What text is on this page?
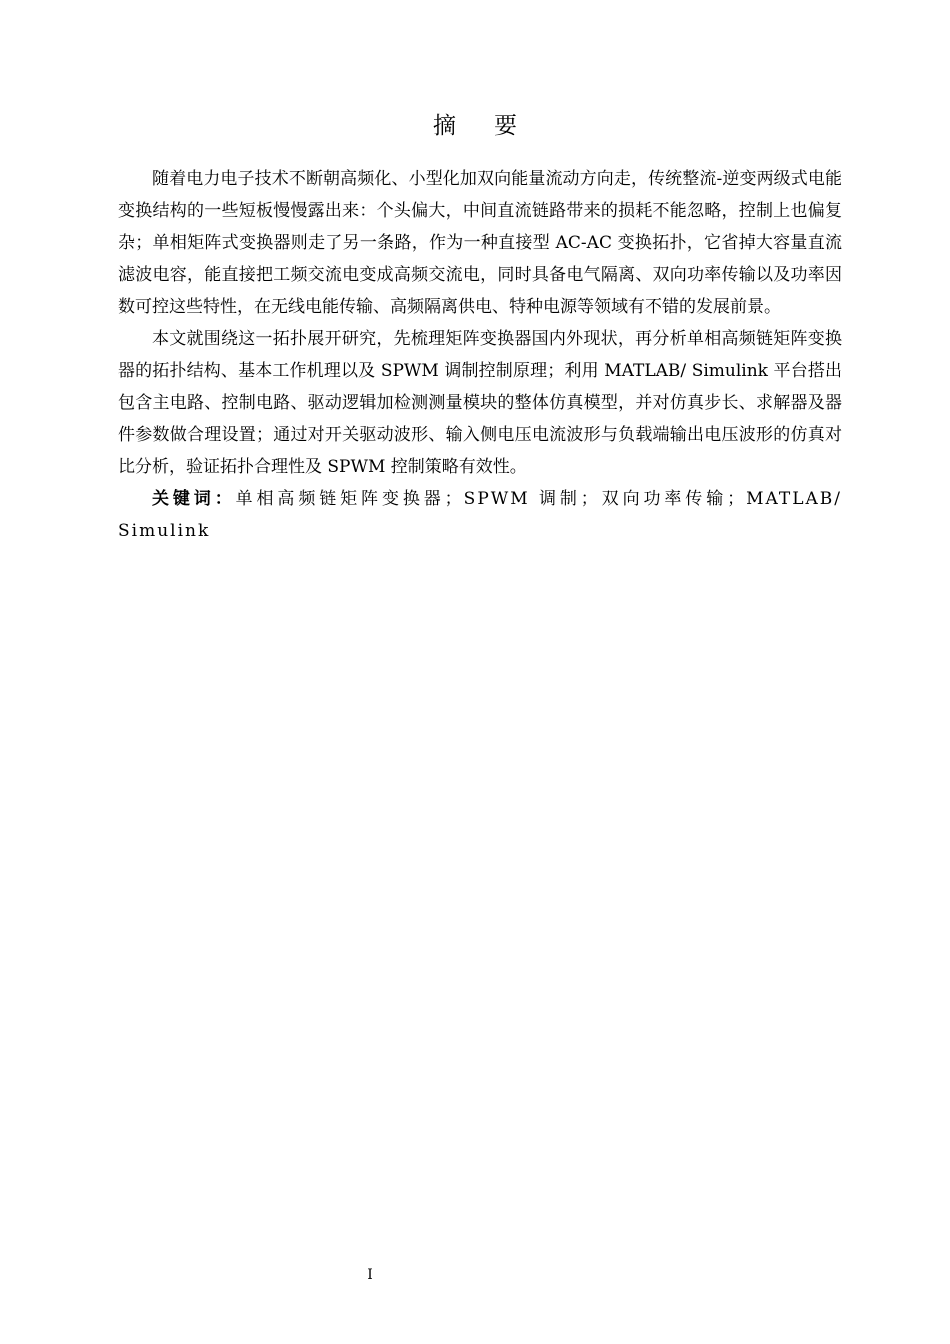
摘要

随着电力电子技术不断朝高频化、小型化加双向能量流动方向走，传统整流-逆变两级式电能变换结构的一些短板慢慢露出来：个头偏大，中间直流链路带来的损耗不能忽略，控制上也偏复杂；单相矩阵式变换器则走了另一条路，作为一种直接型 AC-AC 变换拓扑，它省掉大容量直流滤波电容，能直接把工频交流电变成高频交流电，同时具备电气隔离、双向功率传输以及功率因数可控这些特性，在无线电能传输、高频隔离供电、特种电源等领域有不错的发展前景。

本文就围绕这一拓扑展开研究，先梳理矩阵变换器国内外现状，再分析单相高频链矩阵变换器的拓扑结构、基本工作机理以及 SPWM 调制控制原理；利用 MATLAB/ Simulink 平台搭出包含主电路、控制电路、驱动逻辑加检测测量模块的整体仿真模型，并对仿真步长、求解器及器件参数做合理设置；通过对开关驱动波形、输入侧电压电流波形与负载端输出电压波形的仿真对比分析，验证拓扑合理性及 SPWM 控制策略有效性。

关键词：单相高频链矩阵变换器；SPWM 调制；双向功率传输；MATLAB/ Simulink

I
